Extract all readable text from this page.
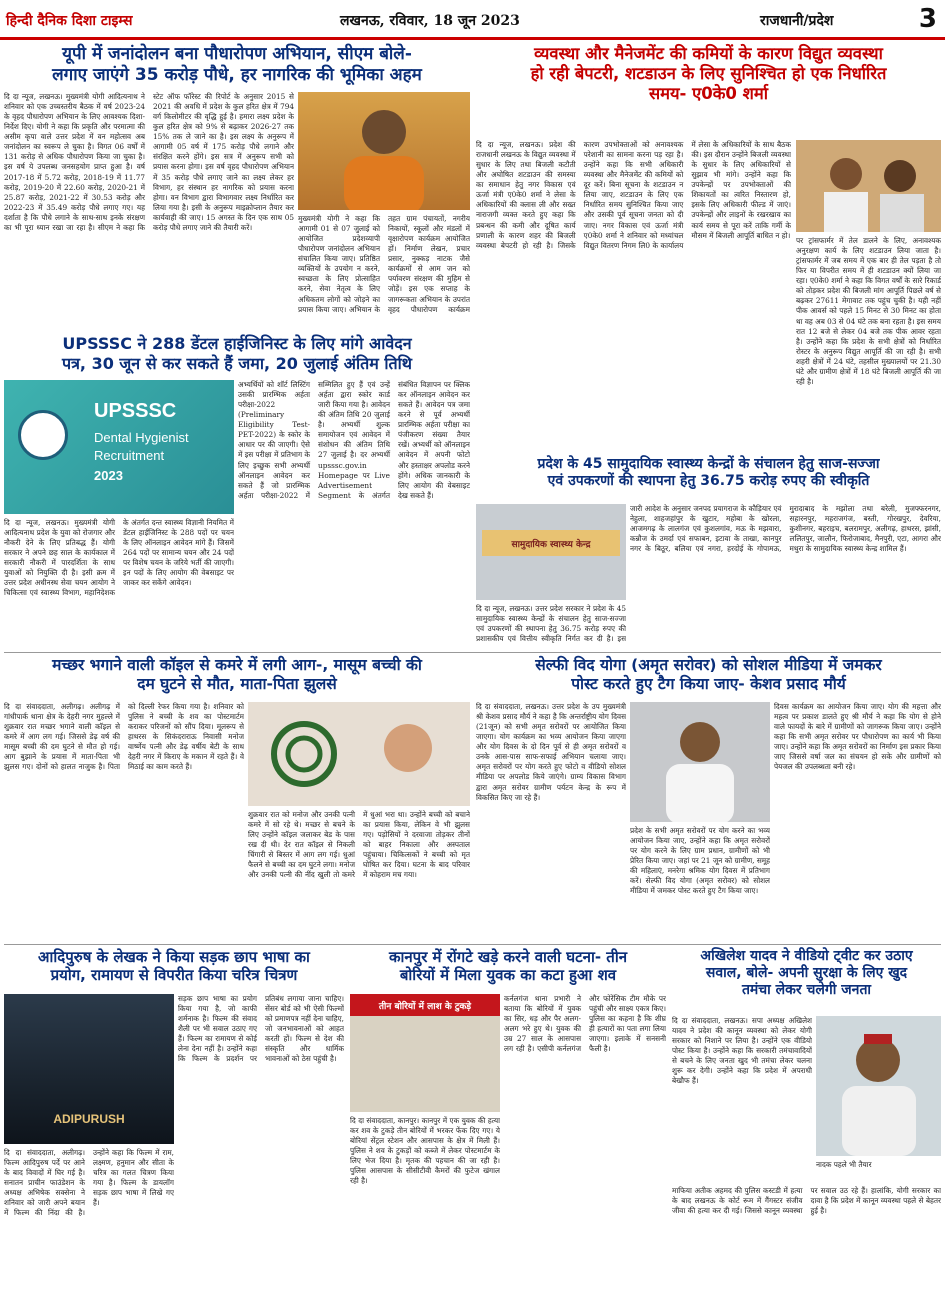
हिन्दी दैनिक दिशा टाइम्स	लखनऊ, रविवार, 18 जून 2023	राजधानी/प्रदेश	3
यूपी में जनांदोलन बना पौधारोपण अभियान, सीएम बोले-
लगाए जाएंगे 35 करोड़ पौधे, हर नागरिक की भूमिका अहम
दि दा न्यूज, लखनऊ। मुख्यमंत्री योगी आदित्यनाथ ने शनिवार को एक उच्चस्तरीय बैठक में वर्ष 2023-24 के वृहद पौधारोपण अभियान के लिए आवश्यक दिशा-निर्देश दिए। योगी ने कहा कि प्रकृति और परमात्मा की असीम कृपा वाले उत्तर प्रदेश में वन महोत्सव अब जनांदोलन का स्वरूप ले चुका है। विगत 06 वर्षों में 131 करोड़ से अधिक पौधारोपण किया जा चुका है। इस वर्ष ये उपलब्ध जनसहयोग प्राप्त हुआ है। वर्ष 2017-18 में 5.72 करोड़, 2018-19 में 11.77 करोड़, 2019-20 में 22.60 करोड़, 2020-21 में 25.87 करोड़, 2021-22 में 30.53 करोड़ और 2022-23 में 35.49 करोड़ पौधे लगाए गए। यह दर्शाता है कि पौधे लगाने के साथ-साथ इनके संरक्षण का भी पूरा ध्यान रखा जा रहा है। सीएम ने कहा कि स्टेट ऑफ फॉरेस्ट की रिपोर्ट के अनुसार 2015 से 2021 की अवधि में प्रदेश के कुल हरित क्षेत्र में 794 वर्ग किलोमीटर की वृद्धि हुई है। हमारा लक्ष्य प्रदेश के कुल हरित क्षेत्र को 9% से बढ़ाकर 2026-27 तक 15% तक ले जाने का है। इस लक्ष्य के अनुरूप में आगामी 05 वर्ष में 175 करोड़ पौधे लगाने और संरक्षित करने होंगे। इस सत्र में अनुरूप सभी को प्रयास करना होगा। इस वर्ष वृहद पौधारोपण अभियान में 35 करोड़ पौधे लगाए जाने का लक्ष्य लेकर हर विभाग, हर संस्थान हर नागरिक को प्रयास करना होगा। वन विभाग द्वारा विभागवार लक्ष्य निर्धारित कर लिया गया है। इसी के अनुरूप माइक्रोप्लान तैयार कर कार्यवाही की जाए। 15 अगस्त के दिन एक साथ 05 करोड़ पौधे लगाए जाने की तैयारी करें।
मुख्यमंत्री योगी ने कहा कि आगामी 01 से 07 जुलाई को आयोजित प्रदेशव्यापी पौधारोपण जनांदोलन अभियान संचालित किया जाए। प्रतिष्ठित व्यक्तियों के उपयोग न करने, स्वच्छता के लिए प्रोत्साहित करने, सेवा नेतृत्व के लिए अधिकतम लोगों को जोड़ने का प्रयास किया जाए। अभियान के तहत ग्राम पंचायतों, नगरीय निकायों, स्कूलों और मंडलों में वृक्षारोपण कार्यक्रम आयोजित हों। निर्माण लेखन, प्रचार प्रसार, नुक्कड़ नाटक जैसे कार्यक्रमों से आम जन को पर्यावरण संरक्षण की मुहिम से जोड़ें। इस एक सप्ताह के जागरूकता अभियान के उपरांत वृहद पौधारोपण कार्यक्रम
व्यवस्था और मैनेजमेंट की कमियों के कारण विद्युत व्यवस्था
हो रही बेपटरी, शटडाउन के लिए सुनिश्चित हो एक निर्धारित
समय- ए0के0 शर्मा
दि दा न्यूज, लखनऊ। प्रदेश की राजधानी लखनऊ के विद्युत व्यवस्था में सुधार के लिए तथा बिजली कटौती और अघोषित शटडाउन की समस्या का समाधान हेतु नगर विकास एवं ऊर्जा मंत्री ए0के0 शर्मा ने लेसा के अधिकारियों की क्लास ली और सख्त नाराजगी व्यक्त करते हुए कहा कि प्रबन्धन की कमी और दूषित कार्य प्रणाली के कारण शहर की बिजली व्यवस्था बेपटरी हो रही है। जिसके कारण उपभोक्ताओं को अनावश्यक परेशानी का सामना करना पड़ रहा है। उन्होंने कहा कि सभी अधिकारी व्यवस्था और मैनेजमेंट की कमियों को दूर करें। बिना सूचना के शटडाउन न लिया जाए, शटडाउन के लिए एक निर्धारित समय सुनिश्चित किया जाए और उसकी पूर्व सूचना जनता को दी जाए। नगर विकास एवं ऊर्जा मंत्री ए0के0 शर्मा ने शनिवार को मध्यांचल विद्युत वितरण निगम लि0 के कार्यालय में लेसा के अधिकारियों के साथ बैठक की। इस दौरान उन्होंने बिजली व्यवस्था के सुधार के लिए अधिकारियों से सुझाव भी मांगे। उन्होंने कहा कि उपकेन्द्रों पर उपभोक्ताओं की शिकायतों का त्वरित निस्तारण हो, इसके लिए अधिकारी फील्ड में जाएं। उपकेन्द्रों और लाइनों के रखरखाव का कार्य समय से पूरा करें ताकि गर्मी के मौसम में बिजली आपूर्ति बाधित न हो।
पर ट्रांसफार्मर में तेल डालने के लिए, अनावश्यक अनुरक्षण कार्य के लिए शटडाउन लिया जाता है। ट्रांसफार्मर में जब समय में एक बार ही तेल पड़ता है तो फिर या विपरीत समय में ही शटडाउन क्यों लिया जा रहा। ए0के0 शर्मा ने कहा कि विगत वर्षों के सारे रिकार्ड को तोड़कर प्रदेश की बिजली मांग आपूर्ति पिछले वर्ष से बढ़कर 27611 मेगावाट तक पहुंच चुकी है। यही नहीं पीक आवर्स को पहले 15 मिनट से 30 मिनट का होता था वह अब 03 से 04 घंटे तक बना रहता है। इस समय रात 12 बजे से लेकर 04 बजे तक पीक आवर रहता है। उन्होंने कहा कि प्रदेश के सभी क्षेत्रों को निर्धारित रोस्टर के अनुरूप विद्युत आपूर्ति की जा रही है। सभी शहरी क्षेत्रों में 24 घंटे, तहसील मुख्यालयों पर 21.30 घंटे और ग्रामीण क्षेत्रों में 18 घंटे बिजली आपूर्ति की जा रही है।
UPSSSC ने 288 डेंटल हाईजिनिस्ट के लिए मांगे आवेदन
पत्र, 30 जून से कर सकते हैं जमा, 20 जुलाई अंतिम तिथि
UPSSSC
Dental Hygienist
Recruitment
2023
दि दा न्यूज, लखनऊ। मुख्यमंत्री योगी आदित्यनाथ प्रदेश के युवा को रोजगार और नौकरी देने के लिए प्रतिबद्ध हैं। योगी सरकार ने अपने छह साल के कार्यकाल में सरकारी नौकरी में पारदर्शिता के साथ युवाओं को नियुक्ति दी है। इसी क्रम में उत्तर प्रदेश अधीनस्थ सेवा चयन आयोग ने चिकित्सा एवं स्वास्थ्य विभाग, महानिदेशक के अंतर्गत दन्त स्वास्थ्य विज्ञानी नियमित में डेंटल हाईजिनिस्ट के 288 पदों पर चयन के लिए ऑनलाइन आवेदन मांगे हैं। जिसमें 264 पदों पर सामान्य चयन और 24 पदों पर विशेष चयन के जरिये भर्ती की जाएगी। इन पदों के लिए आयोग की वेबसाइट पर जाकर कर सकेंगे आवेदन।
अभ्यर्थियों को शॉर्ट लिस्टिंग उसकी प्रारम्भिक अर्हता परीक्षा-2022 (Preliminary Eligibility Test-PET-2022) के स्कोर के आधार पर की जाएगी। ऐसे में इस परीक्षा में प्रतिभाग के लिए इच्छुक सभी अभ्यर्थी ऑनलाइन आवेदन कर सकते हैं जो प्रारम्भिक अर्हता परीक्षा-2022 में सम्मिलित हुए हैं एवं उन्हें अर्हता द्वारा स्कोर कार्ड जारी किया गया है। आवेदन की अंतिम तिथि 20 जुलाई है। अभ्यर्थी शुल्क समायोजन एवं आवेदन में संशोधन की अंतिम तिथि 27 जुलाई है। दर अभ्यर्थी upsssc.gov.in Homepage पर Live Advertisement Segment के अंतर्गत संबंधित विज्ञापन पर क्लिक कर ऑनलाइन आवेदन कर सकते हैं। आवेदन पत्र जमा करने से पूर्व अभ्यर्थी प्रारम्भिक अर्हता परीक्षा का पंजीकरण संख्या तैयार रखें। अभ्यर्थी को ऑनलाइन आवेदन में अपनी फोटो और हस्ताक्षर अपलोड करने होंगे। अधिक जानकारी के लिए आयोग की वेबसाइट देख सकते हैं।
प्रदेश के 45 सामुदायिक स्वास्थ्य केन्द्रों के संचालन हेतु साज-सज्जा
एवं उपकरणों की स्थापना हेतु 36.75 करोड़ रुपए की स्वीकृति
सामुदायिक स्वास्थ्य केन्द्र
दि दा न्यूज, लखनऊ। उत्तर प्रदेश सरकार ने प्रदेश के 45 सामुदायिक स्वास्थ्य केन्द्रों के संचालन हेतु साज-सज्जा एवं उपकरणों की स्थापना हेतु 36.75 करोड़ रुपए की प्रशासकीय एवं वित्तीय स्वीकृति निर्गत कर दी है। इस
जारी आदेश के अनुसार जनपद प्रयागराज के कौड़ियार एवं नेहुला, शाहजहांपुर के खुटार, महोबा के खोरला, आजमगढ़ के लालगंज एवं कुशलगांव, मऊ के मझवारा, कन्नौज के उमर्दा एवं सफाबन, इटावा के ताखा, कानपुर नगर के बिठूर, बलिया एवं नगरा, हरदोई के गोपामऊ, मुरादाबाद के मझोला तथा बरेली, मुजफ्फरनगर, सहारनपुर, महराजगंज, बस्ती, गोरखपुर, देवरिया, कुशीनगर, बहराइच, बलरामपुर, अलीगढ़, हाथरस, झांसी, ललितपुर, जालौन, फिरोजाबाद, मैनपुरी, एटा, आगरा और मथुरा के सामुदायिक स्वास्थ्य केन्द्र शामिल हैं।
मच्छर भगाने वाली कॉइल से कमरे में लगी आग-, मासूम बच्ची की
दम घुटने से मौत, माता-पिता झुलसे
दि दा संवाददाता, अलीगढ़। अलीगढ़ में गांधीपार्क थाना क्षेत्र के देहरी नगर मुहल्ले में शुक्रवार रात मच्छर भगाने वाली कॉइल से कमरे में आग लग गई। जिससे डेढ़ वर्ष की मासूम बच्ची की दम घुटने से मौत हो गई। आग बुझाने के प्रयास में माता-पिता भी झुलस गए। दोनों को हालत नाजुक है। पिता को दिल्ली रेफर किया गया है। शनिवार को पुलिस ने बच्ची के शव का पोस्टमार्टम कराकर परिजनों को सौंप दिया। मूलरूप से हाथरस के सिकंदराराऊ निवासी मनोज वार्ष्णेय पत्नी और डेढ़ वर्षीय बेटी के साथ देहरी नगर में किराए के मकान में रहते हैं। वे मिठाई का काम करते हैं।
शुक्रवार रात को मनोज और उनकी पत्नी कमरे में सो रहे थे। मच्छर से बचने के लिए उन्होंने कॉइल जलाकर बेड के पास रख दी थी। देर रात कॉइल से निकली चिंगारी से बिस्तर में आग लग गई। धुआं फैलने से बच्ची का दम घुटने लगा। मनोज और उनकी पत्नी की नींद खुली तो कमरे में धुआं भरा था। उन्होंने बच्ची को बचाने का प्रयास किया, लेकिन वे भी झुलस गए। पड़ोसियों ने दरवाजा तोड़कर तीनों को बाहर निकाला और अस्पताल पहुंचाया। चिकित्सकों ने बच्ची को मृत घोषित कर दिया। घटना के बाद परिवार में कोहराम मच गया।
सेल्फी विद योगा (अमृत सरोवर) को सोशल मीडिया में जमकर
पोस्ट करते हुए टैग किया जाए- केशव प्रसाद मौर्य
दि दा संवाददाता, लखनऊ। उत्तर प्रदेश के उप मुख्यमंत्री श्री केशव प्रसाद मौर्य ने कहा है कि अन्तर्राष्ट्रीय योग दिवस (21जून) को सभी अमृत सरोवरों पर आयोजित किया जाएगा। योग कार्यक्रम का भव्य आयोजन किया जाएगा और योग दिवस के दो दिन पूर्व से ही अमृत सरोवरों व उनके आस-पास साफ-सफाई अभियान चलाया जाए। अमृत सरोवरों पर योग करते हुए फोटो व वीडियो सोशल मीडिया पर अपलोड किये जाएंगे। ग्राम्य विकास विभाग द्वारा अमृत सरोवर ग्रामीण पर्यटन केन्द्र के रूप में विकसित किए जा रहे हैं।
प्रदेश के सभी अमृत सरोवरों पर योग करने का भव्य आयोजन किया जाए, उन्होंने कहा कि अमृत सरोवरों पर योग करने के लिए ग्राम प्रधान, ग्रामीणों को भी प्रेरित किया जाए। जहां पर 21 जून को ग्रामीण, समूह की महिलाएं, मनरेगा श्रमिक योग दिवस में प्रतिभाग करें। सेल्फी विद योगा (अमृत सरोवर) को सोशल मीडिया में जमकर पोस्ट करते हुए टैग किया जाए।
दिवस कार्यक्रम का आयोजन किया जाए। योग की महत्ता और महत्व पर प्रकाश डालते हुए श्री मौर्य ने कहा कि योग से होने वाले फायदों के बारे में ग्रामीणों को जागरूक किया जाए। उन्होंने कहा कि सभी अमृत सरोवर पर पौधारोपण का कार्य भी किया जाए। उन्होंने कहा कि अमृत सरोवरों का निर्माण इस प्रकार किया जाए जिससे वर्षा जल का संचयन हो सके और ग्रामीणों को पेयजल की उपलब्धता बनी रहे।
आदिपुरुष के लेखक ने किया सड़क छाप भाषा का
प्रयोग, रामायण से विपरीत किया चरित्र चित्रण
ADIPURUSH
दि दा संवाददाता, अलीगढ़। फिल्म आदिपुरुष पर्दे पर आने के बाद विवादों में घिर गई है। सनातन प्राचीन फाउंडेशन के अध्यक्ष अभिषेक सक्सेना ने शनिवार को जारी अपने बयान में फिल्म की निंदा की है। उन्होंने कहा कि फिल्म में राम, लक्ष्मण, हनुमान और सीता के चरित्र का गलत चित्रण किया गया है। फिल्म के डायलॉग सड़क छाप भाषा में लिखे गए हैं।
सड़क छाप भाषा का प्रयोग किया गया है, जो काफी शर्मनाक है। फिल्म की संवाद शैली पर भी सवाल उठाए गए हैं। फिल्म का रामायण से कोई लेना देना नहीं है। उन्होंने कहा कि फिल्म के प्रदर्शन पर प्रतिबंध लगाया जाना चाहिए। सेंसर बोर्ड को भी ऐसी फिल्मों को प्रमाणपत्र नहीं देना चाहिए, जो जनभावनाओं को आहत करती हों। फिल्म से देश की संस्कृति और धार्मिक भावनाओं को ठेस पहुंची है।
कानपुर में रोंगटे खड़े करने वाली घटना- तीन
बोरियों में मिला युवक का कटा हुआ शव
तीन बोरियों में लाश के टुकड़े
दि दा संवाददाता, कानपुर। कानपुर में एक युवक की हत्या कर शव के टुकड़े तीन बोरियों में भरकर फेंक दिए गए। ये बोरियां सेंट्रल स्टेशन और आसपास के क्षेत्र में मिली हैं। पुलिस ने शव के टुकड़ों को कब्जे में लेकर पोस्टमार्टम के लिए भेज दिया है। मृतक की पहचान की जा रही है। पुलिस आसपास के सीसीटीवी कैमरों की फुटेज खंगाल रही है।
कर्नलगंज थाना प्रभारी ने बताया कि बोरियों में युवक का सिर, धड़ और पैर अलग-अलग भरे हुए थे। युवक की उम्र 27 साल के आसपास लग रही है। एसीपी कर्नलगंज और फोरेंसिक टीम मौके पर पहुंची और साक्ष्य एकत्र किए। पुलिस का कहना है कि शीघ्र ही हत्यारों का पता लगा लिया जाएगा। इलाके में सनसनी फैली है।
अखिलेश यादव ने वीडियो ट्वीट कर उठाए
सवाल, बोले- अपनी सुरक्षा के लिए खुद
तमंचा लेकर चलेगी जनता
दि दा संवाददाता, लखनऊ। सपा अध्यक्ष अखिलेश यादव ने प्रदेश की कानून व्यवस्था को लेकर योगी सरकार को निशाने पर लिया है। उन्होंने एक वीडियो पोस्ट किया है। उन्होंने कहा कि सरकारी तमंचावादियों से बचने के लिए जनता खुद भी तमंचा लेकर चलना शुरू कर देगी। उन्होंने कहा कि प्रदेश में अपराधी बेखौफ हैं।
नादक पहले भी तैयार
माफिया अतीक अहमद की पुलिस कस्टडी में हत्या के बाद लखनऊ के कोर्ट रूम में गैंगस्टर संजीव जीवा की हत्या कर दी गई। जिससे कानून व्यवस्था पर सवाल उठ रहे हैं। हालांकि, योगी सरकार का दावा है कि प्रदेश में कानून व्यवस्था पहले से बेहतर हुई है।
